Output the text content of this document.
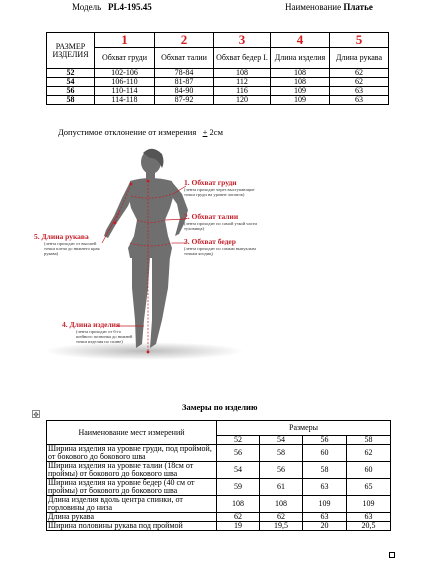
Модель PL4-195.45	Наименование Платье
РАЗМЕР ИЗДЕЛИЯ	1	2	3	4	5
	Обхват груди	Обхват талии	Обхват бедер I.	Длина изделия	Длина рукава
52	102-106	78-84	108	108	62
54	106-110	81-87	112	108	62
56	110-114	84-90	116	109	63
58	114-118	87-92	120	109	63
Допустимое отклонение от измерения + 2см
1. Обхват груди
(лента проходит через выступающие точки груди на уровне лопаток)
2. Обхват талии
(лента проходит по самой узкой части туловища)
3. Обхват бедер
(лента проходит по самым выпуклым точкам ягодиц)
5. Длина рукава
(лента проходит от высшей точки плеча до нижнего края рукава)
4. Длина изделия
(лента проходит от 6-го шейного позвонка до нижней точки изделия по спине)
Замеры по изделию
✥
Наименование мест измерений	Размеры			
	52	54	56	58
Ширина изделия на уровне груди, под проймой, от бокового до бокового шва	56	58	60	62
Ширина изделия на уровне талии (18см от проймы) от бокового до бокового шва	54	56	58	60
Ширина изделия на уровне бедер (40 см от проймы) от бокового до бокового шва	59	61	63	65
Длина изделия вдоль центра спинки, от горловины до низа	108	108	109	109
Длина рукава	62	62	63	63
Ширина половины рукава под проймой	19	19,5	20	20,5
